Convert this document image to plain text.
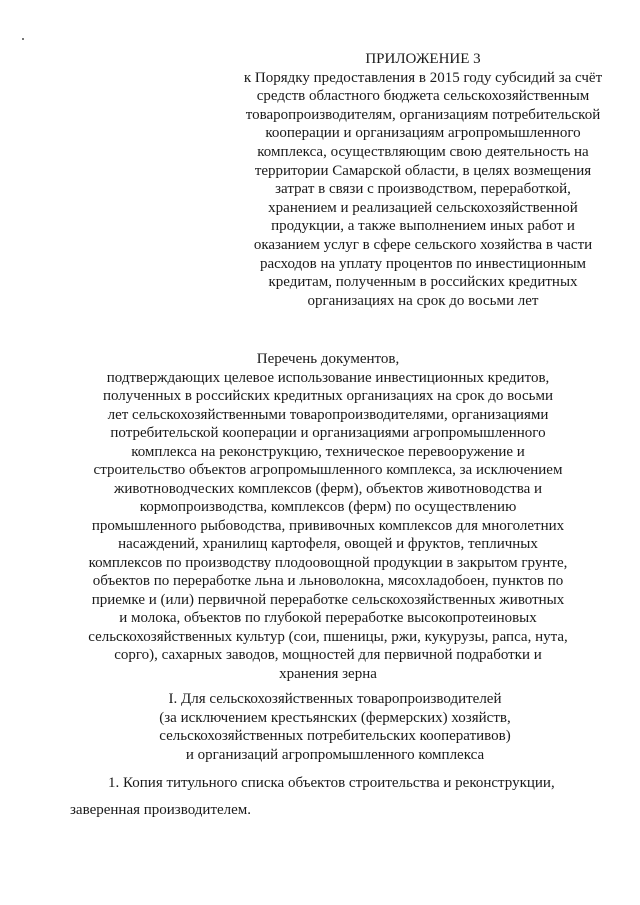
ПРИЛОЖЕНИЕ 3
к Порядку предоставления в 2015 году субсидий за счёт
средств областного бюджета сельскохозяйственным
товаропроизводителям, организациям потребительской
кооперации и организациям агропромышленного
комплекса, осуществляющим свою деятельность на
территории Самарской области, в целях возмещения
затрат в связи с производством, переработкой,
хранением и реализацией сельскохозяйственной
продукции, а также выполнением иных работ и
оказанием услуг в сфере сельского хозяйства в части
расходов на уплату процентов по инвестиционным
кредитам, полученным в российских кредитных
организациях на срок до восьми лет
Перечень документов,
подтверждающих целевое использование инвестиционных кредитов,
полученных в российских кредитных организациях на срок до восьми
лет сельскохозяйственными товаропроизводителями, организациями
потребительской кооперации и организациями агропромышленного
комплекса на реконструкцию, техническое перевооружение и
строительство объектов агропромышленного комплекса, за исключением
животноводческих комплексов (ферм), объектов животноводства и
кормопроизводства, комплексов (ферм) по осуществлению
промышленного рыбоводства, прививочных комплексов для многолетних
насаждений, хранилищ картофеля, овощей и фруктов, тепличных
комплексов по производству плодоовощной продукции в закрытом грунте,
объектов по переработке льна и льноволокна, мясохладобоен, пунктов по
приемке и (или) первичной переработке сельскохозяйственных животных
и молока, объектов по глубокой переработке высокопротеиновых
сельскохозяйственных культур (сои, пшеницы, ржи, кукурузы, рапса, нута,
сорго), сахарных заводов, мощностей для первичной подработки и
хранения зерна
I. Для сельскохозяйственных товаропроизводителей
(за исключением крестьянских (фермерских) хозяйств,
сельскохозяйственных потребительских кооперативов)
и организаций агропромышленного комплекса
1. Копия титульного списка объектов строительства и реконструкции,
заверенная производителем.
